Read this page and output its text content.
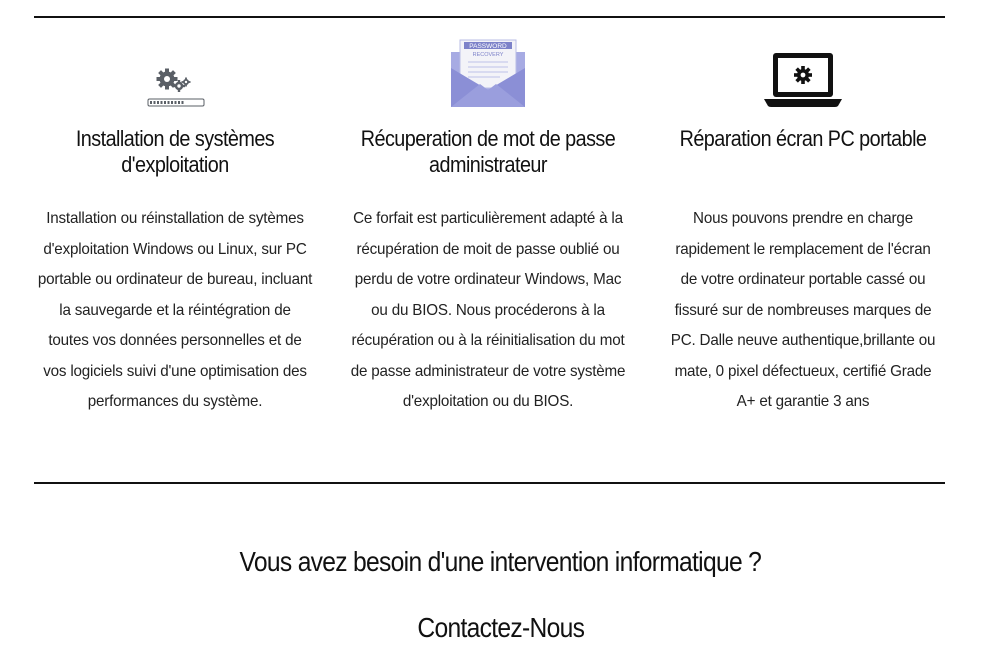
Installation de systèmes d'exploitation

Installation ou réinstallation de sytèmes d'exploitation Windows ou Linux, sur PC portable ou ordinateur de bureau, incluant la sauvegarde et la réintégration de toutes vos données personnelles et de vos logiciels suivi d'une optimisation des performances du système.

PASSWORD
RECOVERY
Récuperation de mot de passe administrateur

Ce forfait est particulièrement adapté à la récupération de moit de passe oublié ou perdu de votre ordinateur Windows, Mac ou du BIOS. Nous procéderons à la récupération ou à la réinitialisation du mot de passe administrateur de votre système d'exploitation ou du BIOS.

Réparation écran PC portable

Nous pouvons prendre en charge rapidement le remplacement de l'écran de votre ordinateur portable cassé ou fissuré sur de nombreuses marques de PC. Dalle neuve authentique,brillante ou mate, 0 pixel défectueux, certifié Grade A+ et garantie 3 ans

Vous avez besoin d'une intervention informatique ?
Contactez-Nous
